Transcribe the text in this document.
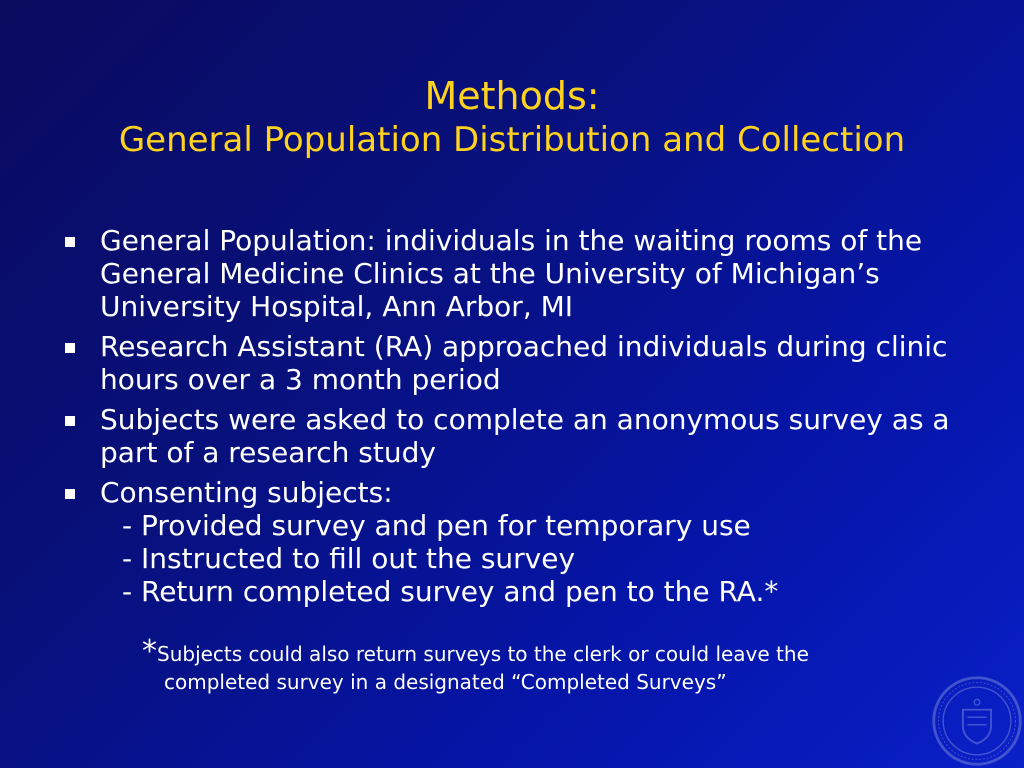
Methods:
General Population Distribution and Collection
General Population: individuals in the waiting rooms of the General Medicine Clinics at the University of Michigan’s University Hospital, Ann Arbor, MI
Research Assistant (RA) approached individuals during clinic hours over a 3 month period
Subjects were asked to complete an anonymous survey as a part of a research study
Consenting subjects:
- Provided survey and pen for temporary use
- Instructed to fill out the survey
- Return completed survey and pen to the RA.*
*Subjects could also return surveys to the clerk or could leave the
completed survey in a designated “Completed Surveys”
